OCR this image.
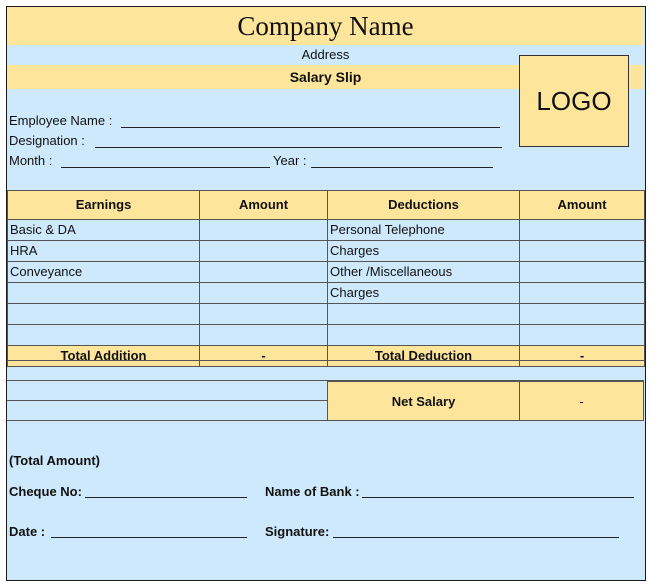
Company Name
Address
Salary Slip
LOGO
Employee Name :
Designation :
Month :	Year :
Earnings	Amount	Deductions	Amount
Basic & DA		Personal Telephone	
HRA		Charges	
Conveyance		Other /Miscellaneous	
		Charges	

Total Addition	-	Total Deduction	-
Net Salary	-
(Total Amount)
Cheque No:	Name of Bank :
Date :	Signature:
